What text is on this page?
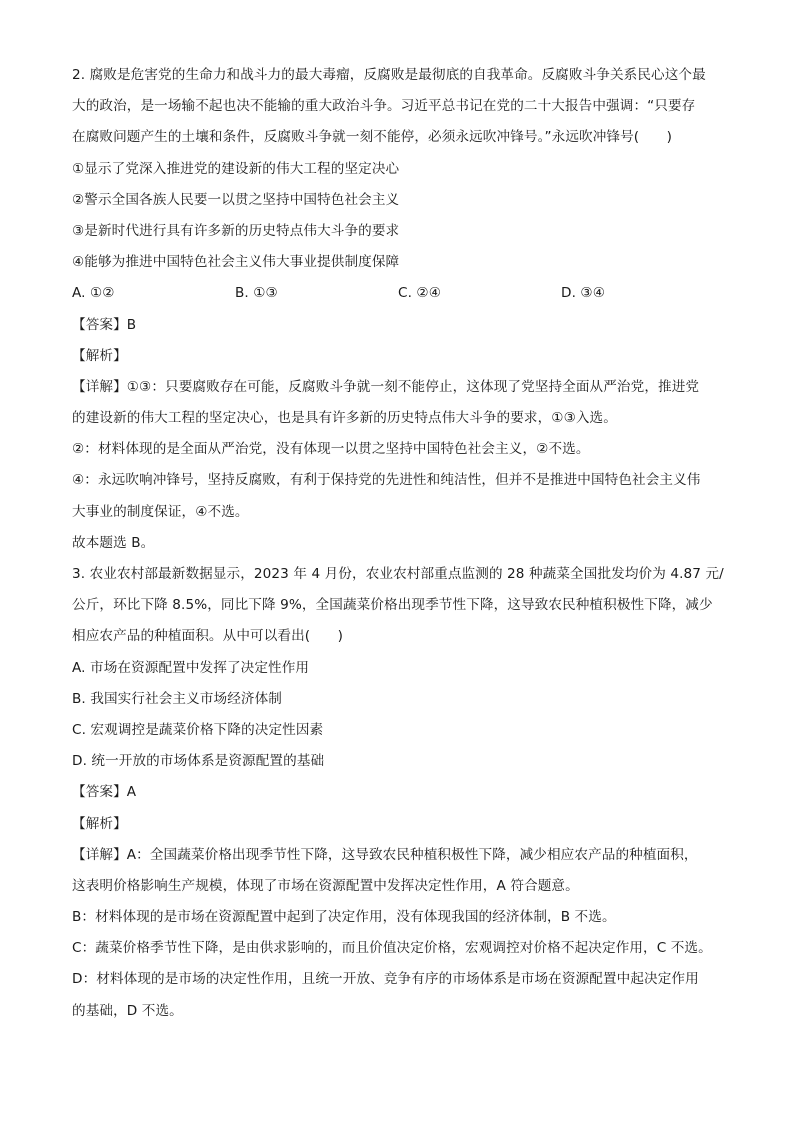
2. 腐败是危害党的生命力和战斗力的最大毒瘤，反腐败是最彻底的自我革命。反腐败斗争关系民心这个最
大的政治，是一场输不起也决不能输的重大政治斗争。习近平总书记在党的二十大报告中强调：“只要存
在腐败问题产生的土壤和条件，反腐败斗争就一刻不能停，必须永远吹冲锋号。”永远吹冲锋号(　　)
①显示了党深入推进党的建设新的伟大工程的坚定决心
②警示全国各族人民要一以贯之坚持中国特色社会主义
③是新时代进行具有许多新的历史特点伟大斗争的要求
④能够为推进中国特色社会主义伟大事业提供制度保障
A. ①②	B. ①③	C. ②④	D. ③④
【答案】B
【解析】
【详解】①③：只要腐败存在可能，反腐败斗争就一刻不能停止，这体现了党坚持全面从严治党，推进党
的建设新的伟大工程的坚定决心，也是具有许多新的历史特点伟大斗争的要求，①③入选。
②：材料体现的是全面从严治党，没有体现一以贯之坚持中国特色社会主义，②不选。
④：永远吹响冲锋号，坚持反腐败，有利于保持党的先进性和纯洁性，但并不是推进中国特色社会主义伟
大事业的制度保证，④不选。
故本题选 B。
3. 农业农村部最新数据显示，2023 年 4 月份，农业农村部重点监测的 28 种蔬菜全国批发均价为 4.87 元/
公斤，环比下降 8.5%，同比下降 9%，全国蔬菜价格出现季节性下降，这导致农民种植积极性下降，减少
相应农产品的种植面积。从中可以看出(　　)
A. 市场在资源配置中发挥了决定性作用
B. 我国实行社会主义市场经济体制
C. 宏观调控是蔬菜价格下降的决定性因素
D. 统一开放的市场体系是资源配置的基础
【答案】A
【解析】
【详解】A：全国蔬菜价格出现季节性下降，这导致农民种植积极性下降，减少相应农产品的种植面积，
这表明价格影响生产规模，体现了市场在资源配置中发挥决定性作用，A 符合题意。
B：材料体现的是市场在资源配置中起到了决定作用，没有体现我国的经济体制，B 不选。
C：蔬菜价格季节性下降，是由供求影响的，而且价值决定价格，宏观调控对价格不起决定作用，C 不选。
D：材料体现的是市场的决定性作用，且统一开放、竞争有序的市场体系是市场在资源配置中起决定作用
的基础，D 不选。
